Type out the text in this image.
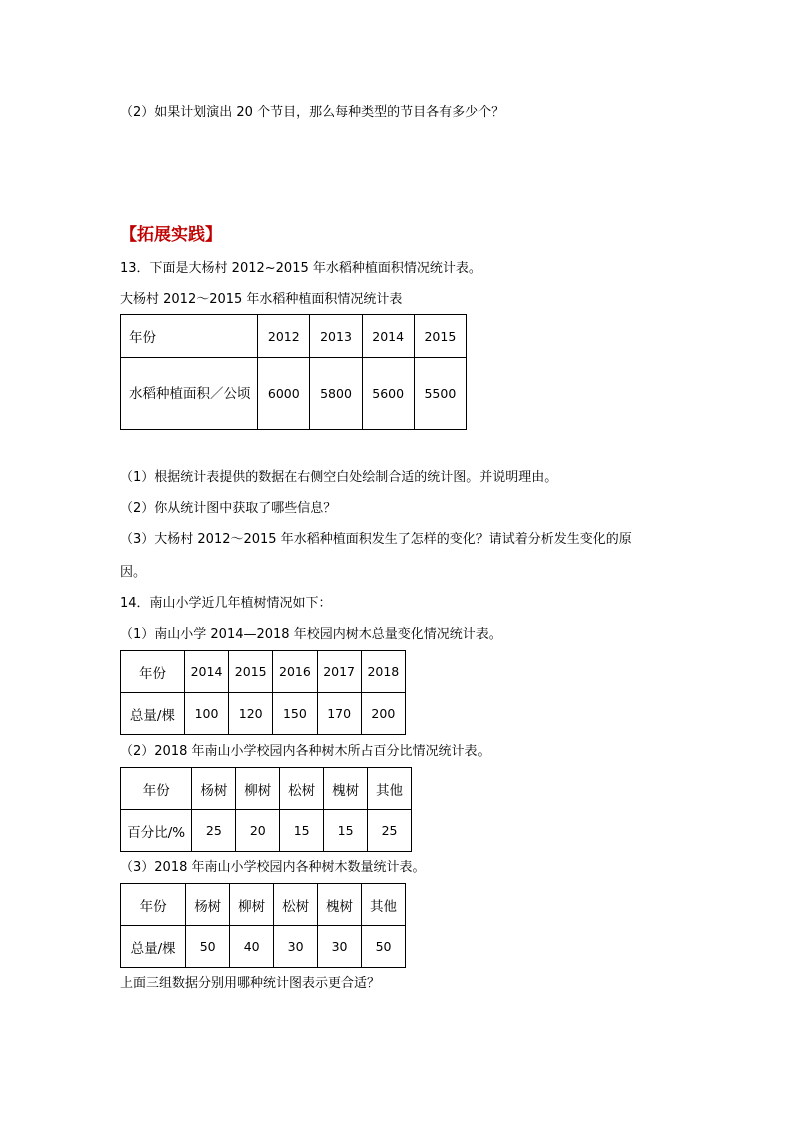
（2）如果计划演出 20 个节目，那么每种类型的节目各有多少个？
【拓展实践】
13．下面是大杨村 2012~2015 年水稻种植面积情况统计表。
大杨村 2012～2015 年水稻种植面积情况统计表
年份	2012	2013	2014	2015
水稻种植面积／公顷	6000	5800	5600	5500
（1）根据统计表提供的数据在右侧空白处绘制合适的统计图。并说明理由。
（2）你从统计图中获取了哪些信息？
（3）大杨村 2012～2015 年水稻种植面积发生了怎样的变化？请试着分析发生变化的原
因。
14．南山小学近几年植树情况如下：
（1）南山小学 2014—2018 年校园内树木总量变化情况统计表。
年份	2014	2015	2016	2017	2018
总量/棵	100	120	150	170	200
（2）2018 年南山小学校园内各种树木所占百分比情况统计表。
年份	杨树	柳树	松树	槐树	其他
百分比/%	25	20	15	15	25
（3）2018 年南山小学校园内各种树木数量统计表。
年份	杨树	柳树	松树	槐树	其他
总量/棵	50	40	30	30	50
上面三组数据分别用哪种统计图表示更合适？
